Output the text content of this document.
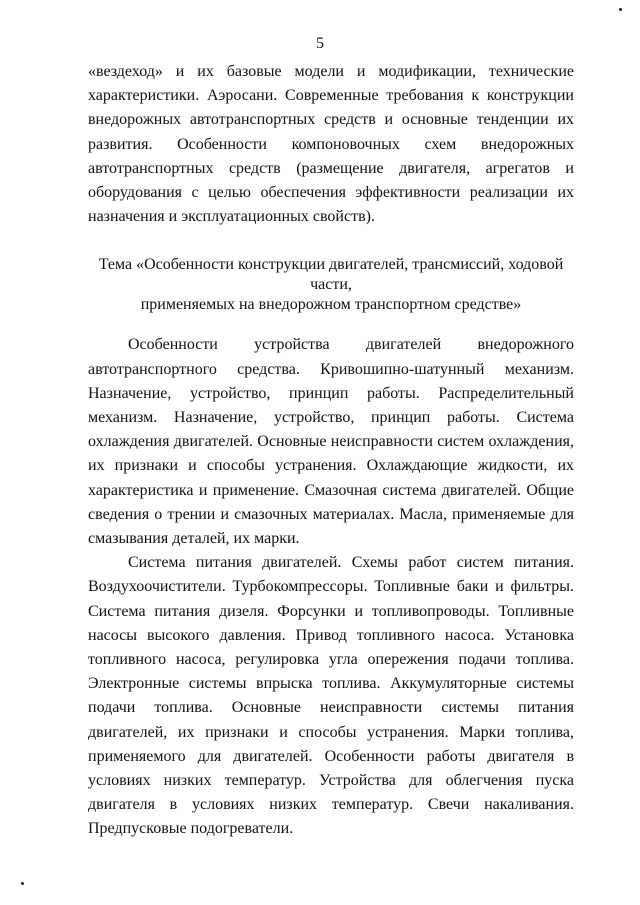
5

«вездеход» и их базовые модели и модификации, технические характеристики. Аэросани. Современные требования к конструкции внедорожных автотранспортных средств и основные тенденции их развития. Особенности компоновочных схем внедорожных автотранспортных средств (размещение двигателя, агрегатов и оборудования с целью обеспечения эффективности реализации их назначения и эксплуатационных свойств).

Тема «Особенности конструкции двигателей, трансмиссий, ходовой части,
применяемых на внедорожном транспортном средстве»

Особенности устройства двигателей внедорожного автотранспортного средства. Кривошипно-шатунный механизм. Назначение, устройство, принцип работы. Распределительный механизм. Назначение, устройство, принцип работы. Система охлаждения двигателей. Основные неисправности систем охлаждения, их признаки и способы устранения. Охлаждающие жидкости, их характеристика и применение. Смазочная система двигателей. Общие сведения о трении и смазочных материалах. Масла, применяемые для смазывания деталей, их марки.

Система питания двигателей. Схемы работ систем питания. Воздухоочистители. Турбокомпрессоры. Топливные баки и фильтры. Система питания дизеля. Форсунки и топливопроводы. Топливные насосы высокого давления. Привод топливного насоса. Установка топливного насоса, регулировка угла опережения подачи топлива. Электронные системы впрыска топлива. Аккумуляторные системы подачи топлива. Основные неисправности системы питания двигателей, их признаки и способы устранения. Марки топлива, применяемого для двигателей. Особенности работы двигателя в условиях низких температур. Устройства для облегчения пуска двигателя в условиях низких температур. Свечи накаливания. Предпусковые подогреватели.
